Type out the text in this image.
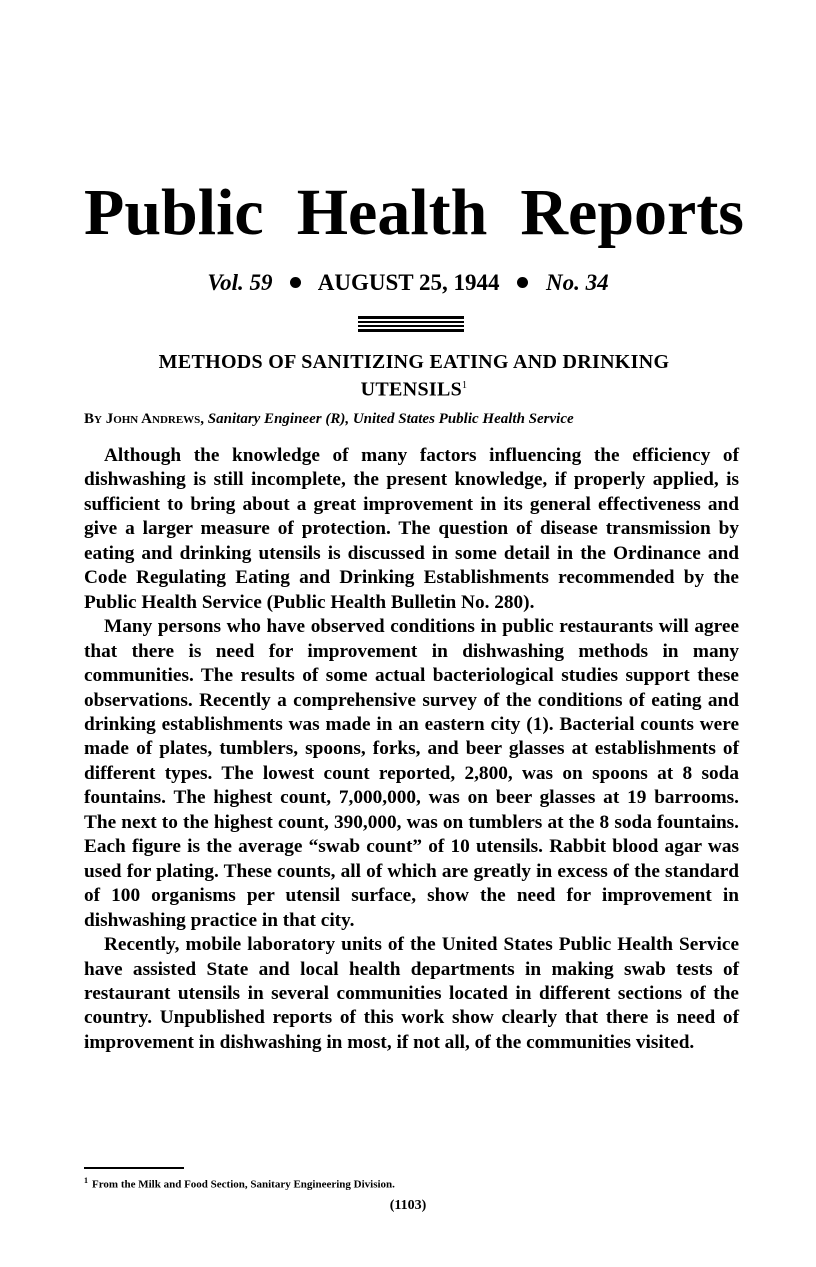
Public Health Reports
Vol. 59 AUGUST 25, 1944 No. 34
METHODS OF SANITIZING EATING AND DRINKING
UTENSILS$^1$
By John Andrews, Sanitary Engineer (R), United States Public Health Service

Although the knowledge of many factors influencing the efficiency of dishwashing is still incomplete, the present knowledge, if properly applied, is sufficient to bring about a great improvement in its general effectiveness and give a larger measure of protection. The question of disease transmission by eating and drinking utensils is discussed in some detail in the Ordinance and Code Regulating Eating and Drinking Establishments recommended by the Public Health Service (Public Health Bulletin No. 280).

Many persons who have observed conditions in public restaurants will agree that there is need for improvement in dishwashing methods in many communities. The results of some actual bacteriological studies support these observations. Recently a comprehensive survey of the conditions of eating and drinking establishments was made in an eastern city (1). Bacterial counts were made of plates, tumblers, spoons, forks, and beer glasses at establishments of different types. The lowest count reported, 2,800, was on spoons at 8 soda fountains. The highest count, 7,000,000, was on beer glasses at 19 barrooms. The next to the highest count, 390,000, was on tumblers at the 8 soda fountains. Each figure is the average “swab count” of 10 utensils. Rabbit blood agar was used for plating. These counts, all of which are greatly in excess of the standard of 100 organisms per utensil surface, show the need for improvement in dishwashing practice in that city.

Recently, mobile laboratory units of the United States Public Health Service have assisted State and local health departments in making swab tests of restaurant utensils in several communities located in different sections of the country. Unpublished reports of this work show clearly that there is need of improvement in dishwashing in most, if not all, of the communities visited.

$^1$ From the Milk and Food Section, Sanitary Engineering Division.
(1103)
